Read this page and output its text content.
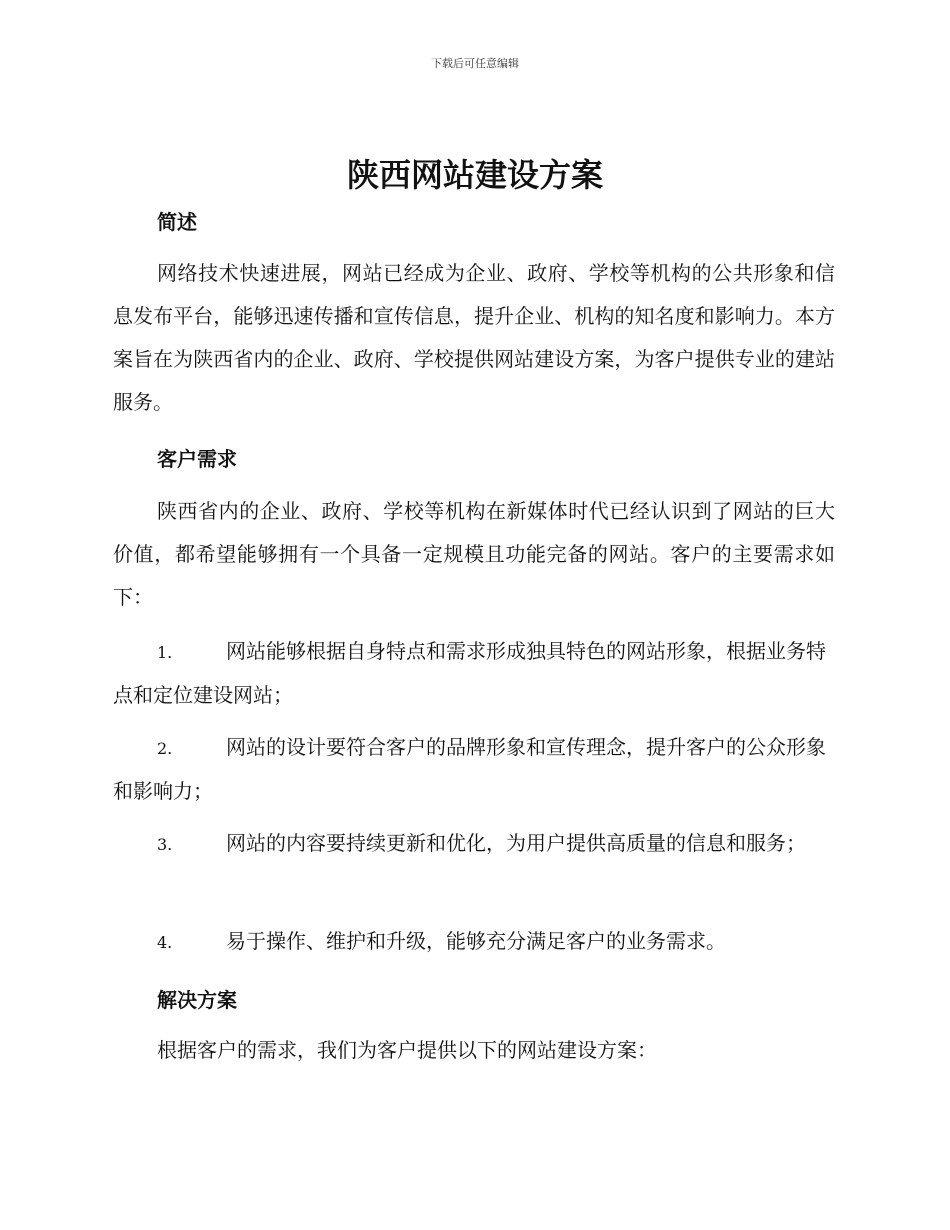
下载后可任意编辑
陕西网站建设方案
简述

网络技术快速进展，网站已经成为企业、政府、学校等机构的公共形象和信息发布平台，能够迅速传播和宣传信息，提升企业、机构的知名度和影响力。本方案旨在为陕西省内的企业、政府、学校提供网站建设方案，为客户提供专业的建站服务。

客户需求

陕西省内的企业、政府、学校等机构在新媒体时代已经认识到了网站的巨大价值，都希望能够拥有一个具备一定规模且功能完备的网站。客户的主要需求如下：

1.	网站能够根据自身特点和需求形成独具特色的网站形象，根据业务特点和定位建设网站；

2.	网站的设计要符合客户的品牌形象和宣传理念，提升客户的公众形象和影响力；

3.	网站的内容要持续更新和优化，为用户提供高质量的信息和服务；

4.	易于操作、维护和升级，能够充分满足客户的业务需求。

解决方案

根据客户的需求，我们为客户提供以下的网站建设方案：
